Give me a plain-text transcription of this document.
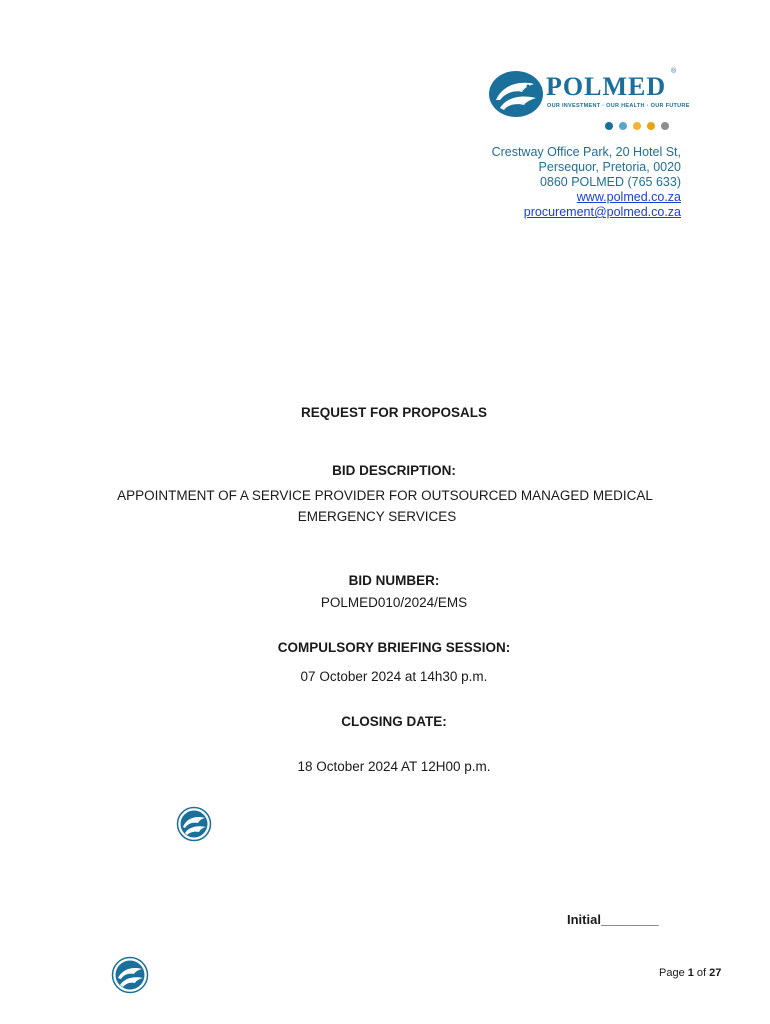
POLMED
®
OUR INVESTMENT · OUR HEALTH · OUR FUTURE
Crestway Office Park, 20 Hotel St,
Persequor, Pretoria, 0020
0860 POLMED (765 633)
www.polmed.co.za
procurement@polmed.co.za
REQUEST FOR PROPOSALS
BID DESCRIPTION:
APPOINTMENT OF A SERVICE PROVIDER FOR OUTSOURCED MANAGED MEDICAL
EMERGENCY SERVICES
BID NUMBER:
POLMED010/2024/EMS
COMPULSORY BRIEFING SESSION:
07 October 2024 at 14h30 p.m.
CLOSING DATE:
18 October 2024 AT 12H00 p.m.
Initial________
Page 1 of 27
